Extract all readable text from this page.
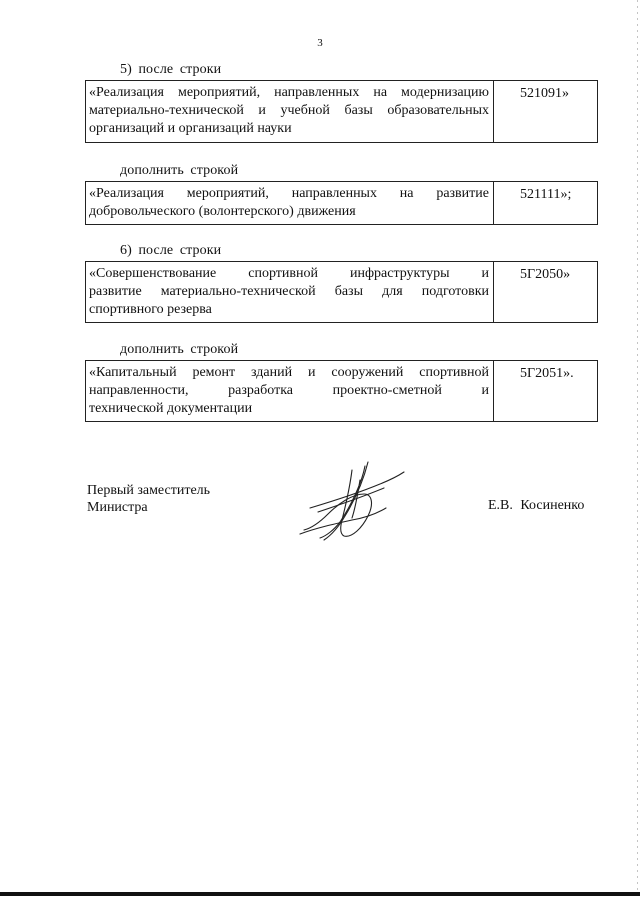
3
5) после строки
«Реализация мероприятий, направленных на модернизацию
материально-технической и учебной базы образовательных
организаций и организаций науки
521091»
дополнить строкой
«Реализация мероприятий, направленных на развитие
добровольческого (волонтерского) движения
521111»;
6) после строки
«Совершенствование спортивной инфраструктуры и
развитие материально-технической базы для подготовки
спортивного резерва
5Г2050»
дополнить строкой
«Капитальный ремонт зданий и сооружений спортивной
направленности, разработка проектно-сметной и
технической документации
5Г2051».
Первый заместитель
Министра	Е.В. Косиненко
